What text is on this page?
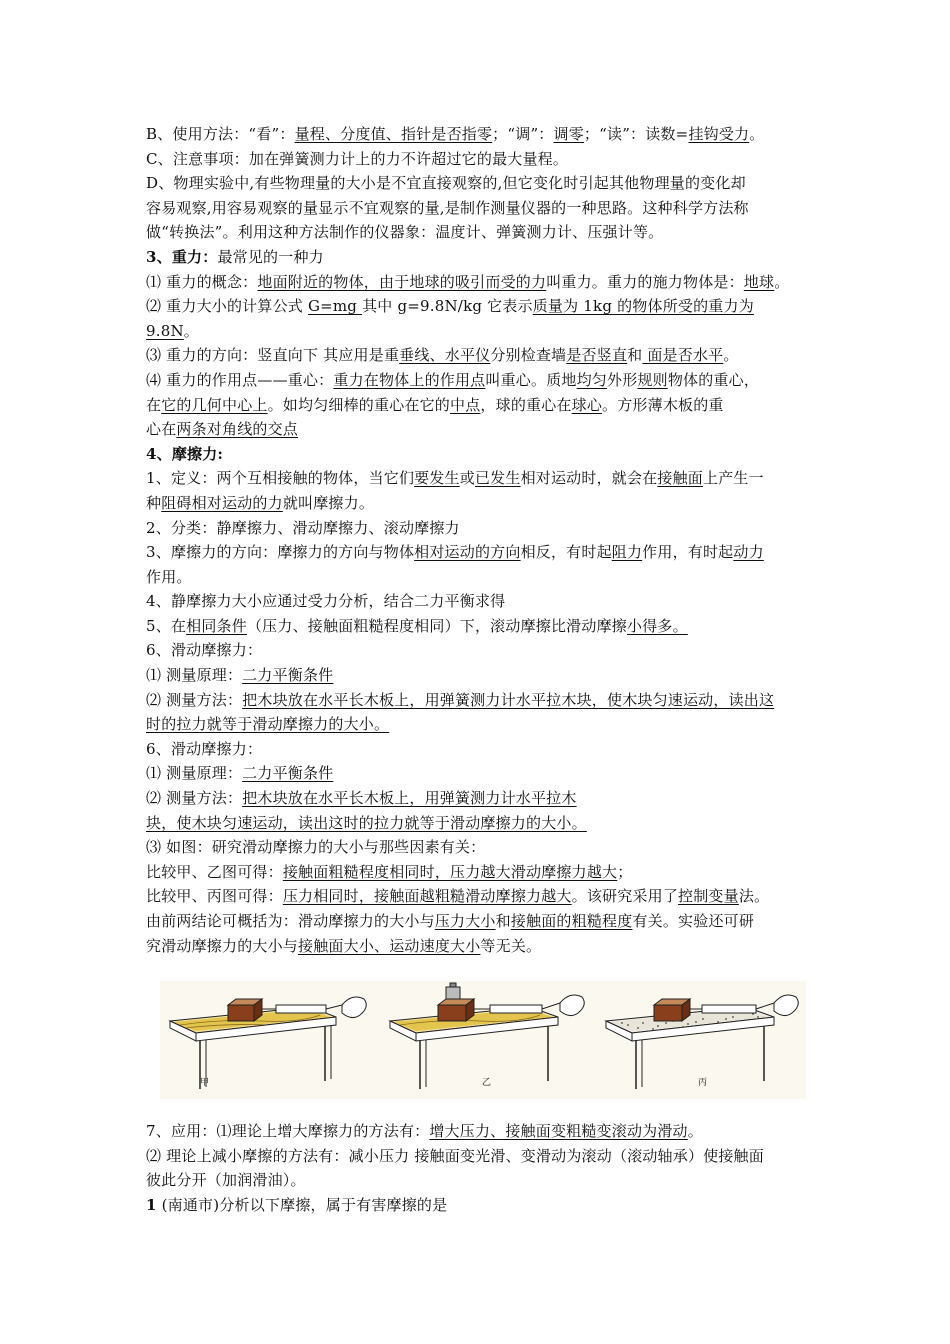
B、使用方法：“看”：量程、分度值、指针是否指零；“调”：调零；“读”：读数=挂钩受力。
C、注意事项：加在弹簧测力计上的力不许超过它的最大量程。
D、物理实验中,有些物理量的大小是不宜直接观察的,但它变化时引起其他物理量的变化却
容易观察,用容易观察的量显示不宜观察的量,是制作测量仪器的一种思路。这种科学方法称
做“转换法”。利用这种方法制作的仪器象：温度计、弹簧测力计、压强计等。
3、重力：最常见的一种力
⑴ 重力的概念：地面附近的物体，由于地球的吸引而受的力叫重力。重力的施力物体是：地球。
⑵ 重力大小的计算公式 G=mg 其中 g=9.8N/kg 它表示质量为 1kg 的物体所受的重力为
9.8N。
⑶ 重力的方向：竖直向下 其应用是重垂线、水平仪分别检查墙是否竖直和 面是否水平。
⑷ 重力的作用点——重心：重力在物体上的作用点叫重心。质地均匀外形规则物体的重心，
在它的几何中心上。如均匀细棒的重心在它的中点，球的重心在球心。方形薄木板的重
心在两条对角线的交点
4、摩擦力:
1、定义：两个互相接触的物体，当它们要发生或已发生相对运动时，就会在接触面上产生一
种阻碍相对运动的力就叫摩擦力。
2、分类：静摩擦力、滑动摩擦力、滚动摩擦力
3、摩擦力的方向：摩擦力的方向与物体相对运动的方向相反，有时起阻力作用，有时起动力
作用。
4、静摩擦力大小应通过受力分析，结合二力平衡求得
5、在相同条件（压力、接触面粗糙程度相同）下，滚动摩擦比滑动摩擦小得多。
6、滑动摩擦力：
⑴ 测量原理：二力平衡条件
⑵ 测量方法：把木块放在水平长木板上，用弹簧测力计水平拉木块，使木块匀速运动，读出这
时的拉力就等于滑动摩擦力的大小。
6、滑动摩擦力：
⑴ 测量原理：二力平衡条件
⑵ 测量方法：把木块放在水平长木板上，用弹簧测力计水平拉木
块，使木块匀速运动，读出这时的拉力就等于滑动摩擦力的大小。
⑶ 如图：研究滑动摩擦力的大小与那些因素有关：
比较甲、乙图可得：接触面粗糙程度相同时，压力越大滑动摩擦力越大；
比较甲、丙图可得：压力相同时，接触面越粗糙滑动摩擦力越大。该研究采用了控制变量法。
由前两结论可概括为：滑动摩擦力的大小与压力大小和接触面的粗糙程度有关。实验还可研
究滑动摩擦力的大小与接触面大小、运动速度大小等无关。
甲	乙	丙
7、应用：⑴理论上增大摩擦力的方法有：增大压力、接触面变粗糙变滚动为滑动。
⑵ 理论上减小摩擦的方法有：减小压力 接触面变光滑、变滑动为滚动（滚动轴承）使接触面
彼此分开（加润滑油）。
1 (南通市)分析以下摩擦，属于有害摩擦的是
